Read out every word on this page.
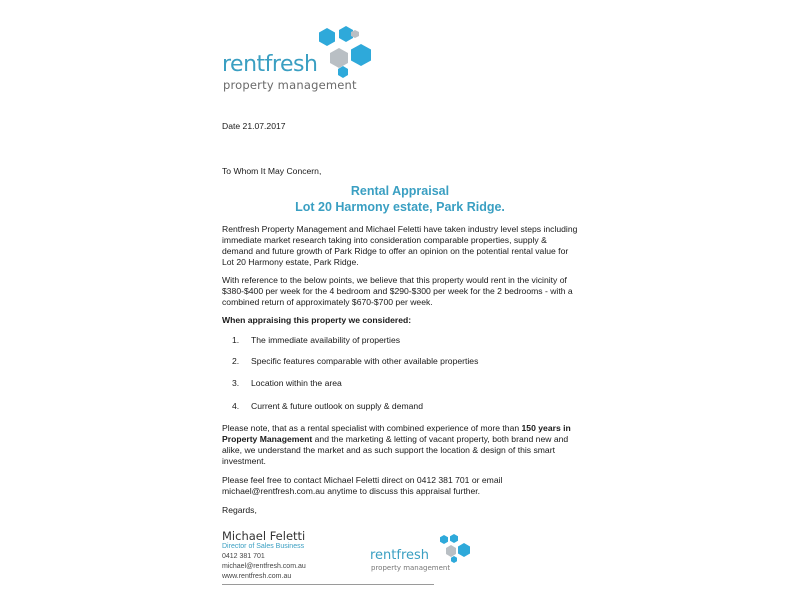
rentfresh
property management
Date 21.07.2017
To Whom It May Concern,
Rental Appraisal
Lot 20 Harmony estate, Park Ridge.

Rentfresh Property Management and Michael Feletti have taken industry level steps including immediate market research taking into consideration comparable properties, supply & demand and future growth of Park Ridge to offer an opinion on the potential rental value for Lot 20 Harmony estate, Park Ridge.

With reference to the below points, we believe that this property would rent in the vicinity of $380-$400 per week for the 4 bedroom and $290-$300 per week for the 2 bedrooms - with a combined return of approximately $670-$700 per week.

When appraising this property we considered:
1. The immediate availability of properties
2. Specific features comparable with other available properties
3. Location within the area
4. Current & future outlook on supply & demand

Please note, that as a rental specialist with combined experience of more than 150 years in Property Management and the marketing & letting of vacant property, both brand new and alike, we understand the market and as such support the location & design of this smart investment.

Please feel free to contact Michael Feletti direct on 0412 381 701 or email michael@rentfresh.com.au anytime to discuss this appraisal further.

Regards,
Michael Feletti
Director of Sales Business
0412 381 701
michael@rentfresh.com.au
www.rentfresh.com.au
rentfresh
property management
